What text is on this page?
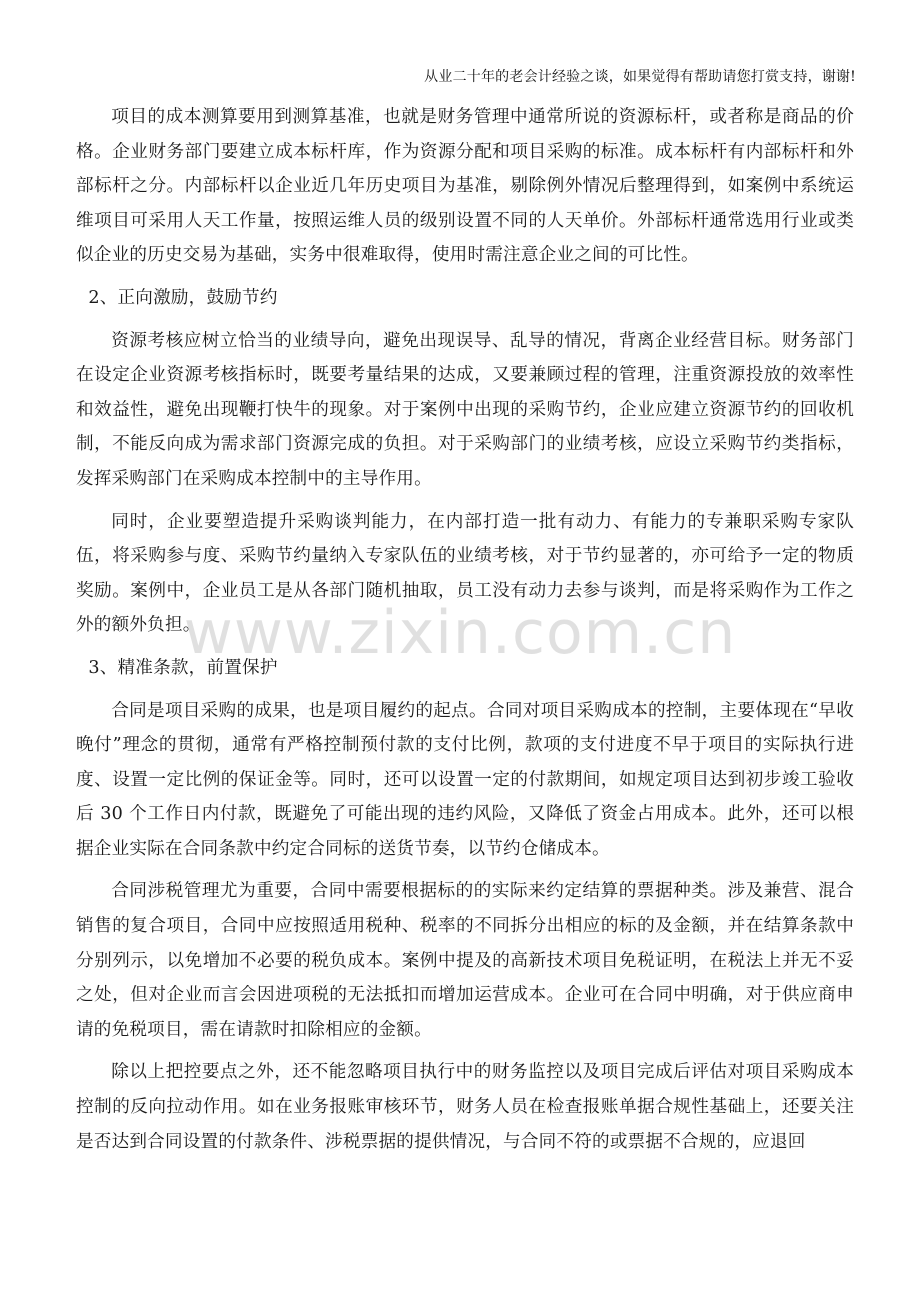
从业二十年的老会计经验之谈，如果觉得有帮助请您打赏支持，谢谢!
www.zixin.com.cn

项目的成本测算要用到测算基准，也就是财务管理中通常所说的资源标杆，或者称是商品的价格。企业财务部门要建立成本标杆库，作为资源分配和项目采购的标准。成本标杆有内部标杆和外部标杆之分。内部标杆以企业近几年历史项目为基准，剔除例外情况后整理得到，如案例中系统运维项目可采用人天工作量，按照运维人员的级别设置不同的人天单价。外部标杆通常选用行业或类似企业的历史交易为基础，实务中很难取得，使用时需注意企业之间的可比性。

2、正向激励，鼓励节约

资源考核应树立恰当的业绩导向，避免出现误导、乱导的情况，背离企业经营目标。财务部门在设定企业资源考核指标时，既要考量结果的达成，又要兼顾过程的管理，注重资源投放的效率性和效益性，避免出现鞭打快牛的现象。对于案例中出现的采购节约，企业应建立资源节约的回收机制，不能反向成为需求部门资源完成的负担。对于采购部门的业绩考核，应设立采购节约类指标，发挥采购部门在采购成本控制中的主导作用。

同时，企业要塑造提升采购谈判能力，在内部打造一批有动力、有能力的专兼职采购专家队伍，将采购参与度、采购节约量纳入专家队伍的业绩考核，对于节约显著的，亦可给予一定的物质奖励。案例中，企业员工是从各部门随机抽取，员工没有动力去参与谈判，而是将采购作为工作之外的额外负担。

3、精准条款，前置保护

合同是项目采购的成果，也是项目履约的起点。合同对项目采购成本的控制，主要体现在“早收晚付”理念的贯彻，通常有严格控制预付款的支付比例，款项的支付进度不早于项目的实际执行进度、设置一定比例的保证金等。同时，还可以设置一定的付款期间，如规定项目达到初步竣工验收后 30 个工作日内付款，既避免了可能出现的违约风险，又降低了资金占用成本。此外，还可以根据企业实际在合同条款中约定合同标的送货节奏，以节约仓储成本。

合同涉税管理尤为重要，合同中需要根据标的的实际来约定结算的票据种类。涉及兼营、混合销售的复合项目，合同中应按照适用税种、税率的不同拆分出相应的标的及金额，并在结算条款中分别列示，以免增加不必要的税负成本。案例中提及的高新技术项目免税证明，在税法上并无不妥之处，但对企业而言会因进项税的无法抵扣而增加运营成本。企业可在合同中明确，对于供应商申请的免税项目，需在请款时扣除相应的金额。

除以上把控要点之外，还不能忽略项目执行中的财务监控以及项目完成后评估对项目采购成本控制的反向拉动作用。如在业务报账审核环节，财务人员在检查报账单据合规性基础上，还要关注是否达到合同设置的付款条件、涉税票据的提供情况，与合同不符的或票据不合规的，应退回
